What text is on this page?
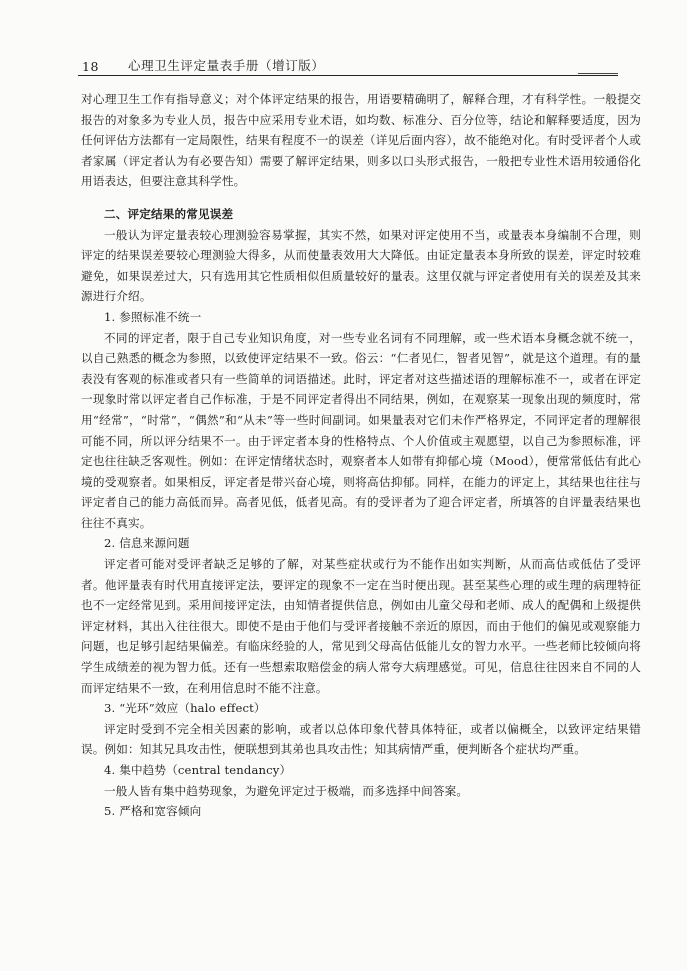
18	心理卫生评定量表手册（增订版）

对心理卫生工作有指导意义；对个体评定结果的报告，用语要精确明了，解释合理，才有科学性。一般提交报告的对象多为专业人员，报告中应采用专业术语，如均数、标准分、百分位等，结论和解释要适度，因为任何评估方法都有一定局限性，结果有程度不一的误差（详见后面内容），故不能绝对化。有时受评者个人或者家属（评定者认为有必要告知）需要了解评定结果，则多以口头形式报告，一般把专业性术语用较通俗化用语表达，但要注意其科学性。

二、评定结果的常见误差

一般认为评定量表较心理测验容易掌握，其实不然，如果对评定使用不当，或量表本身编制不合理，则评定的结果误差要较心理测验大得多，从而使量表效用大大降低。由证定量表本身所致的误差，评定时较难避免，如果误差过大，只有选用其它性质相似但质量较好的量表。这里仅就与评定者使用有关的误差及其来源进行介绍。

1. 参照标准不统一

不同的评定者，限于自己专业知识角度，对一些专业名词有不同理解，或一些术语本身概念就不统一，以自己熟悉的概念为参照，以致使评定结果不一致。俗云：“仁者见仁，智者见智”，就是这个道理。有的量表没有客观的标准或者只有一些简单的词语描述。此时，评定者对这些描述语的理解标准不一，或者在评定一现象时常以评定者自己作标准，于是不同评定者得出不同结果，例如，在观察某一现象出现的频度时，常用“经常”，“时常”，“偶然”和“从未”等一些时间副词。如果量表对它们未作严格界定，不同评定者的理解很可能不同，所以评分结果不一。由于评定者本身的性格特点、个人价值或主观愿望，以自己为参照标准，评定也往往缺乏客观性。例如：在评定情绪状态时，观察者本人如带有抑郁心境（Mood），便常常低估有此心境的受观察者。如果相反，评定者是带兴奋心境，则将高估抑郁。同样，在能力的评定上，其结果也往往与评定者自己的能力高低而异。高者见低，低者见高。有的受评者为了迎合评定者，所填答的自评量表结果也往往不真实。

2. 信息来源问题

评定者可能对受评者缺乏足够的了解，对某些症状或行为不能作出如实判断，从而高估或低估了受评者。他评量表有时代用直接评定法，要评定的现象不一定在当时便出现。甚至某些心理的或生理的病理特征也不一定经常见到。采用间接评定法，由知情者提供信息，例如由儿童父母和老师、成人的配偶和上级提供评定材料，其出入往往很大。即使不是由于他们与受评者接触不亲近的原因，而由于他们的偏见或观察能力问题，也足够引起结果偏差。有临床经验的人，常见到父母高估低能儿女的智力水平。一些老师比较倾向将学生成绩差的视为智力低。还有一些想索取赔偿金的病人常夸大病理感觉。可见，信息往往因来自不同的人而评定结果不一致，在利用信息时不能不注意。

3. “光环”效应（halo effect）

评定时受到不完全相关因素的影响，或者以总体印象代替具体特征，或者以偏概全，以致评定结果错误。例如：知其兄具攻击性，便联想到其弟也具攻击性；知其病情严重，便判断各个症状均严重。

4. 集中趋势（central tendancy）

一般人皆有集中趋势现象，为避免评定过于极端，而多选择中间答案。

5. 严格和宽容倾向
